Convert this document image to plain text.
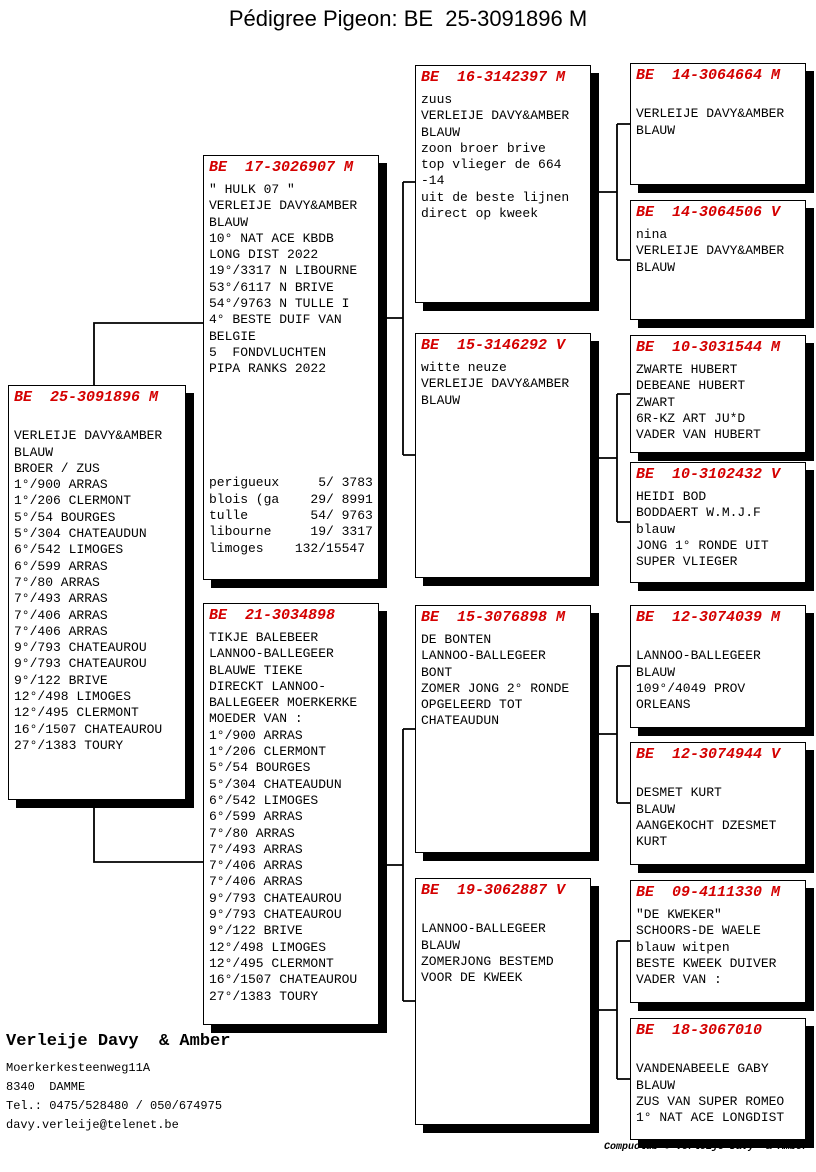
Pédigree Pigeon: BE  25-3091896 M
BE  25-3091896 M

VERLEIJE DAVY&AMBER
BLAUW
BROER / ZUS
1°/900 ARRAS
1°/206 CLERMONT
5°/54 BOURGES
5°/304 CHATEAUDUN
6°/542 LIMOGES
6°/599 ARRAS
7°/80 ARRAS
7°/493 ARRAS
7°/406 ARRAS
7°/406 ARRAS
9°/793 CHATEAUROU
9°/793 CHATEAUROU
9°/122 BRIVE
12°/498 LIMOGES
12°/495 CLERMONT
16°/1507 CHATEAUROU
27°/1383 TOURY
BE  17-3026907 M
" HULK 07 "
VERLEIJE DAVY&AMBER
BLAUW
10° NAT ACE KBDB
LONG DIST 2022
19°/3317 N LIBOURNE
53°/6117 N BRIVE
54°/9763 N TULLE I
4° BESTE DUIF VAN
BELGIE
5  FONDVLUCHTEN
PIPA RANKS 2022

perigueux     5/ 3783
blois (ga    29/ 8991
tulle        54/ 9763
libourne     19/ 3317
limoges    132/15547
BE  21-3034898
TIKJE BALEBEER
LANNOO-BALLEGEER
BLAUWE TIEKE
DIRECKT LANNOO-
BALLEGEER MOERKERKE
MOEDER VAN :
1°/900 ARRAS
1°/206 CLERMONT
5°/54 BOURGES
5°/304 CHATEAUDUN
6°/542 LIMOGES
6°/599 ARRAS
7°/80 ARRAS
7°/493 ARRAS
7°/406 ARRAS
7°/406 ARRAS
9°/793 CHATEAUROU
9°/793 CHATEAUROU
9°/122 BRIVE
12°/498 LIMOGES
12°/495 CLERMONT
16°/1507 CHATEAUROU
27°/1383 TOURY
BE  16-3142397 M
zuus
VERLEIJE DAVY&AMBER
BLAUW
zoon broer brive
top vlieger de 664
-14
uit de beste lijnen
direct op kweek
BE  15-3146292 V
witte neuze
VERLEIJE DAVY&AMBER
BLAUW
BE  15-3076898 M
DE BONTEN
LANNOO-BALLEGEER
BONT
ZOMER JONG 2° RONDE
OPGELEERD TOT
CHATEAUDUN
BE  19-3062887 V

LANNOO-BALLEGEER
BLAUW
ZOMERJONG BESTEMD
VOOR DE KWEEK
BE  14-3064664 M

VERLEIJE DAVY&AMBER
BLAUW
BE  14-3064506 V
nina
VERLEIJE DAVY&AMBER
BLAUW
BE  10-3031544 M
ZWARTE HUBERT
DEBEANE HUBERT
ZWART
6R-KZ ART JU*D
VADER VAN HUBERT
BE  10-3102432 V
HEIDI BOD
BODDAERT W.M.J.F
blauw
JONG 1° RONDE UIT
SUPER VLIEGER
BE  12-3074039 M

LANNOO-BALLEGEER
BLAUW
109°/4049 PROV
ORLEANS
BE  12-3074944 V

DESMET KURT
BLAUW
AANGEKOCHT DZESMET
KURT
BE  09-4111330 M
"DE KWEKER"
SCHOORS-DE WAELE
blauw witpen
BESTE KWEEK DUIVER
VADER VAN :
BE  18-3067010

VANDENABEELE GABY
BLAUW
ZUS VAN SUPER ROMEO
1° NAT ACE LONGDIST
Verleije Davy  & Amber
Moerkerkesteenweg11A
8340  DAMME
Tel.: 0475/528480 / 050/674975
davy.verleije@telenet.be
Compuclub © Verleije Davy  & Amber
